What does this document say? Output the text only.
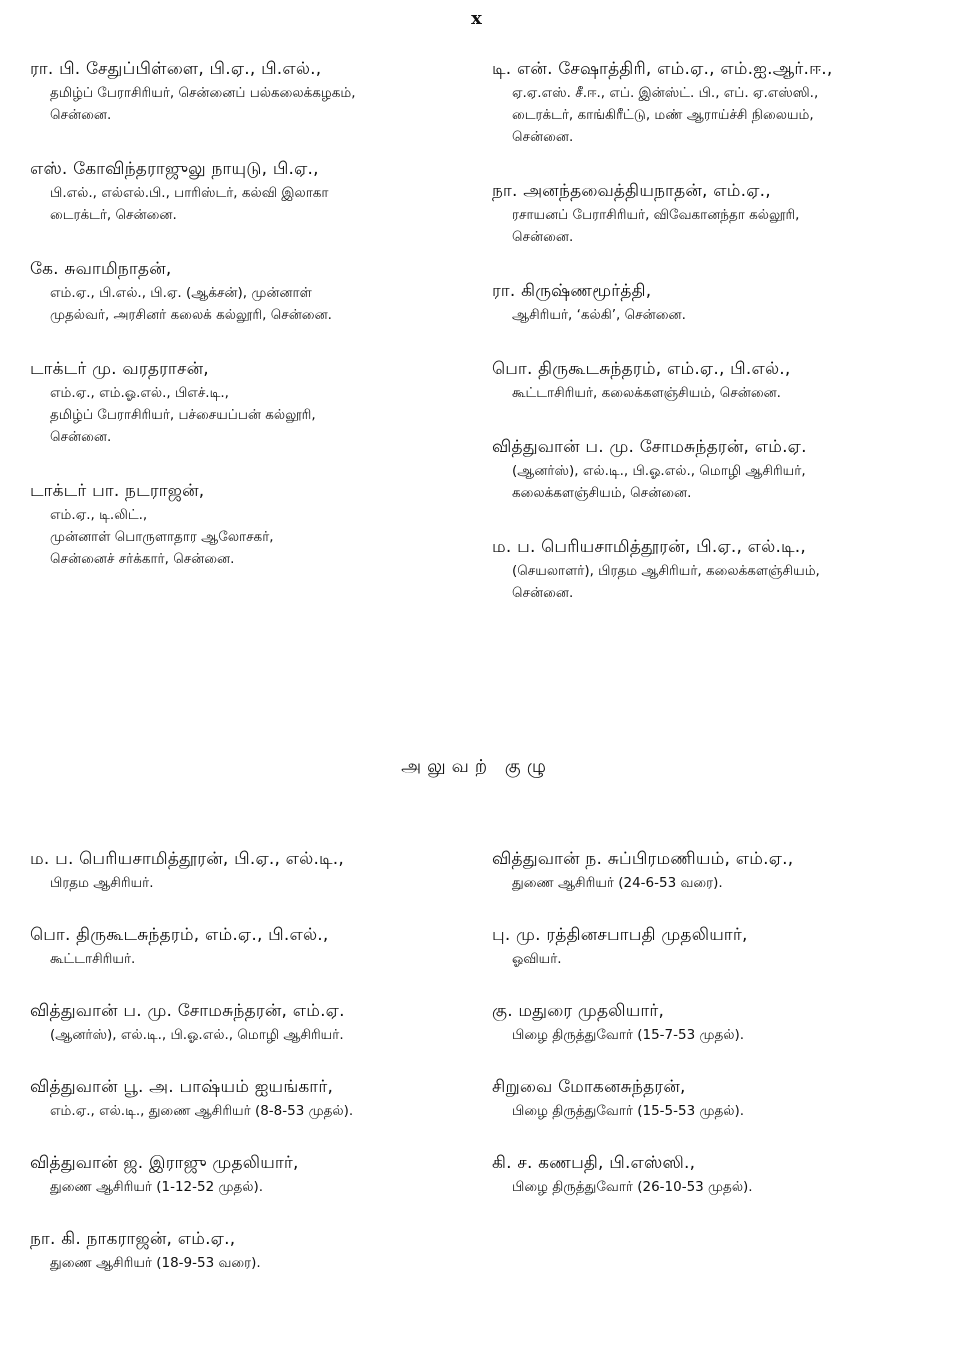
x
ரா. பி. சேதுப்பிள்ளை, பி.ஏ., பி.எல்.,
தமிழ்ப் பேராசிரியர், சென்னைப் பல்கலைக்கழகம்,
சென்னை.
எஸ். கோவிந்தராஜுலு நாயுடு, பி.ஏ.,
பி.எல்., எல்எல்.பி., பாரிஸ்டர், கல்வி இலாகா
டைரக்டர், சென்னை.
கே. சுவாமிநாதன்,
எம்.ஏ., பி.எல்., பி.ஏ. (ஆக்சன்), முன்னாள்
முதல்வர், அரசினர் கலைக் கல்லூரி, சென்னை.
டாக்டர் மு. வரதராசன்,
எம்.ஏ., எம்.ஓ.எல்., பிஎச்.டி.,
தமிழ்ப் பேராசிரியர், பச்சையப்பன் கல்லூரி,
சென்னை.
டாக்டர் பா. நடராஜன்,
எம்.ஏ., டி.லிட்.,
முன்னாள் பொருளாதார ஆலோசகர்,
சென்னைச் சர்க்கார், சென்னை.
டி. என். சேஷாத்திரி, எம்.ஏ., எம்.ஐ.ஆர்.ஈ.,
ஏ.ஏ.எஸ். சீ.ஈ., எப். இன்ஸ்ட். பி., எப். ஏ.எஸ்ஸி.,
டைரக்டர், காங்கிரீட்டு, மண் ஆராய்ச்சி நிலையம்,
சென்னை.
நா. அனந்தவைத்தியநாதன், எம்.ஏ.,
ரசாயனப் பேராசிரியர், விவேகானந்தா கல்லூரி,
சென்னை.
ரா. கிருஷ்ணமூர்த்தி,
ஆசிரியர், ‘கல்கி’, சென்னை.
பொ. திருகூடசுந்தரம், எம்.ஏ., பி.எல்.,
கூட்டாசிரியர், கலைக்களஞ்சியம், சென்னை.
வித்துவான் ப. மு. சோமசுந்தரன், எம்.ஏ.
(ஆனர்ஸ்), எல்.டி., பி.ஓ.எல்., மொழி ஆசிரியர்,
கலைக்களஞ்சியம், சென்னை.
ம. ப. பெரியசாமித்தூரன், பி.ஏ., எல்.டி.,
(செயலாளர்), பிரதம ஆசிரியர், கலைக்களஞ்சியம்,
சென்னை.
அலுவற் குழு
ம. ப. பெரியசாமித்தூரன், பி.ஏ., எல்.டி.,
பிரதம ஆசிரியர்.
பொ. திருகூடசுந்தரம், எம்.ஏ., பி.எல்.,
கூட்டாசிரியர்.
வித்துவான் ப. மு. சோமசுந்தரன், எம்.ஏ.
(ஆனர்ஸ்), எல்.டி., பி.ஓ.எல்., மொழி ஆசிரியர்.
வித்துவான் பூ. அ. பாஷ்யம் ஐயங்கார்,
எம்.ஏ., எல்.டி., துணை ஆசிரியர் (8-8-53 முதல்).
வித்துவான் ஜ. இராஜு முதலியார்,
துணை ஆசிரியர் (1-12-52 முதல்).
நா. கி. நாகராஜன், எம்.ஏ.,
துணை ஆசிரியர் (18-9-53 வரை).
வித்துவான் ந. சுப்பிரமணியம், எம்.ஏ.,
துணை ஆசிரியர் (24-6-53 வரை).
பு. மு. ரத்தினசபாபதி முதலியார்,
ஓவியர்.
கு. மதுரை முதலியார்,
பிழை திருத்துவோர் (15-7-53 முதல்).
சிறுவை மோகனசுந்தரன்,
பிழை திருத்துவோர் (15-5-53 முதல்).
கி. ச. கணபதி, பி.எஸ்ஸி.,
பிழை திருத்துவோர் (26-10-53 முதல்).
